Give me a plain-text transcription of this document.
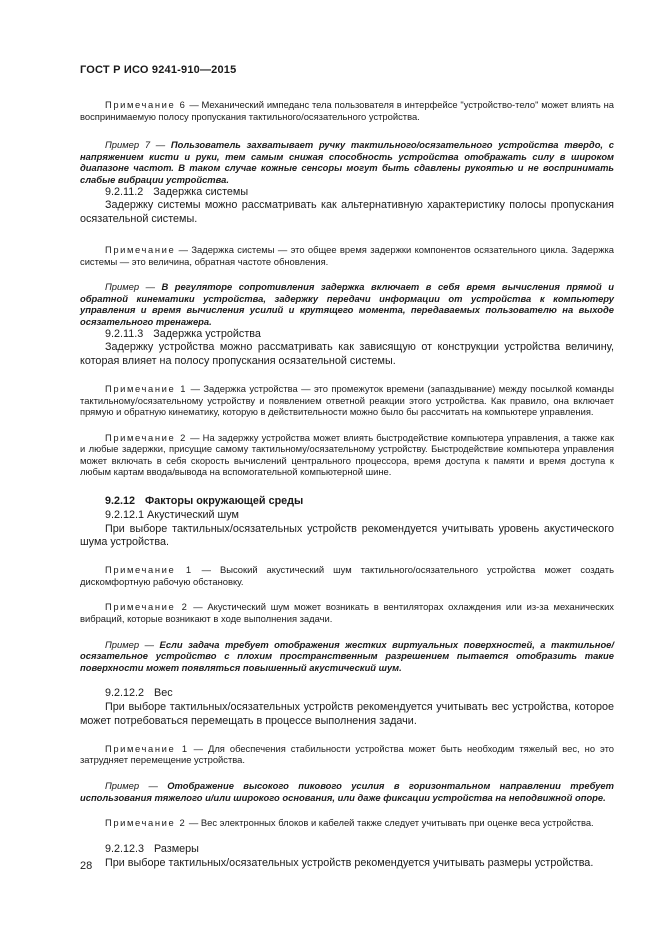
ГОСТ Р ИСО 9241-910—2015

Примечание 6 — Механический импеданс тела пользователя в интерфейсе "устройство-тело" может влиять на воспринимаемую полосу пропускания тактильного/осязательного устройства.

Пример 7 — Пользователь захватывает ручку тактильного/осязательного устройства твердо, с напряжением кисти и руки, тем самым снижая способность устройства отображать силу в широком диапазоне частот. В таком случае кожные сенсоры могут быть сдавлены рукоятью и не воспринимать слабые вибрации устройства.

9.2.11.2 Задержка системы

Задержку системы можно рассматривать как альтернативную характеристику полосы пропускания осязательной системы.

Примечание — Задержка системы — это общее время задержки компонентов осязательного цикла. Задержка системы — это величина, обратная частоте обновления.

Пример — В регуляторе сопротивления задержка включает в себя время вычисления прямой и обратной кинематики устройства, задержку передачи информации от устройства к компьютеру управления и время вычисления усилий и крутящего момента, передаваемых пользователю на выходе осязательного тренажера.

9.2.11.3 Задержка устройства

Задержку устройства можно рассматривать как зависящую от конструкции устройства величину, которая влияет на полосу пропускания осязательной системы.

Примечание 1 — Задержка устройства — это промежуток времени (запаздывание) между посылкой команды тактильному/осязательному устройству и появлением ответной реакции этого устройства. Как правило, она включает прямую и обратную кинематику, которую в действительности можно было бы рассчитать на компьютере управления.

Примечание 2 — На задержку устройства может влиять быстродействие компьютера управления, а также как и любые задержки, присущие самому тактильному/осязательному устройству. Быстродействие компьютера управления может включать в себя скорость вычислений центрального процессора, время доступа к памяти и время доступа к любым картам ввода/вывода на вспомогательной компьютерной шине.

9.2.12 Факторы окружающей среды

9.2.12.1 Акустический шум

При выборе тактильных/осязательных устройств рекомендуется учитывать уровень акустического шума устройства.

Примечание 1 — Высокий акустический шум тактильного/осязательного устройства может создать дискомфортную рабочую обстановку.

Примечание 2 — Акустический шум может возникать в вентиляторах охлаждения или из-за механических вибраций, которые возникают в ходе выполнения задачи.

Пример — Если задача требует отображения жестких виртуальных поверхностей, а тактильное/осязательное устройство с плохим пространственным разрешением пытается отобразить такие поверхности может появляться повышенный акустический шум.

9.2.12.2 Вес

При выборе тактильных/осязательных устройств рекомендуется учитывать вес устройства, которое может потребоваться перемещать в процессе выполнения задачи.

Примечание 1 — Для обеспечения стабильности устройства может быть необходим тяжелый вес, но это затрудняет перемещение устройства.

Пример — Отображение высокого пикового усилия в горизонтальном направлении требует использования тяжелого и/или широкого основания, или даже фиксации устройства на неподвижной опоре.

Примечание 2 — Вес электронных блоков и кабелей также следует учитывать при оценке веса устройства.

9.2.12.3 Размеры

При выборе тактильных/осязательных устройств рекомендуется учитывать размеры устройства.

28
